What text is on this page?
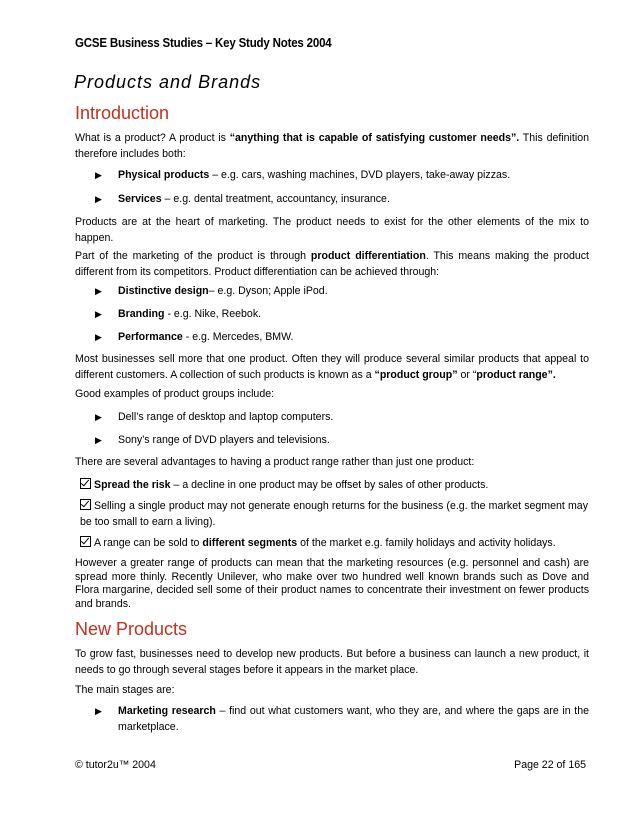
GCSE Business Studies – Key Study Notes 2004
Products and Brands
Introduction
What is a product? A product is “anything that is capable of satisfying customer needs”. This definition therefore includes both:
▶ Physical products – e.g. cars, washing machines, DVD players, take-away pizzas.
▶ Services – e.g. dental treatment, accountancy, insurance.
Products are at the heart of marketing. The product needs to exist for the other elements of the mix to happen.
Part of the marketing of the product is through product differentiation. This means making the product different from its competitors. Product differentiation can be achieved through:
▶ Distinctive design– e.g. Dyson; Apple iPod.
▶ Branding - e.g. Nike, Reebok.
▶ Performance - e.g. Mercedes, BMW.
Most businesses sell more that one product. Often they will produce several similar products that appeal to different customers. A collection of such products is known as a “product group” or “product range”.
Good examples of product groups include:
▶ Dell’s range of desktop and laptop computers.
▶ Sony’s range of DVD players and televisions.
There are several advantages to having a product range rather than just one product:
Spread the risk – a decline in one product may be offset by sales of other products.
Selling a single product may not generate enough returns for the business (e.g. the market segment may be too small to earn a living).
A range can be sold to different segments of the market e.g. family holidays and activity holidays.
However a greater range of products can mean that the marketing resources (e.g. personnel and cash) are spread more thinly. Recently Unilever, who make over two hundred well known brands such as Dove and Flora margarine, decided sell some of their product names to concentrate their investment on fewer products and brands.
New Products
To grow fast, businesses need to develop new products. But before a business can launch a new product, it needs to go through several stages before it appears in the market place.
The main stages are:
▶ Marketing research – find out what customers want, who they are, and where the gaps are in the marketplace.
© tutor2u™ 2004	Page 22 of 165
